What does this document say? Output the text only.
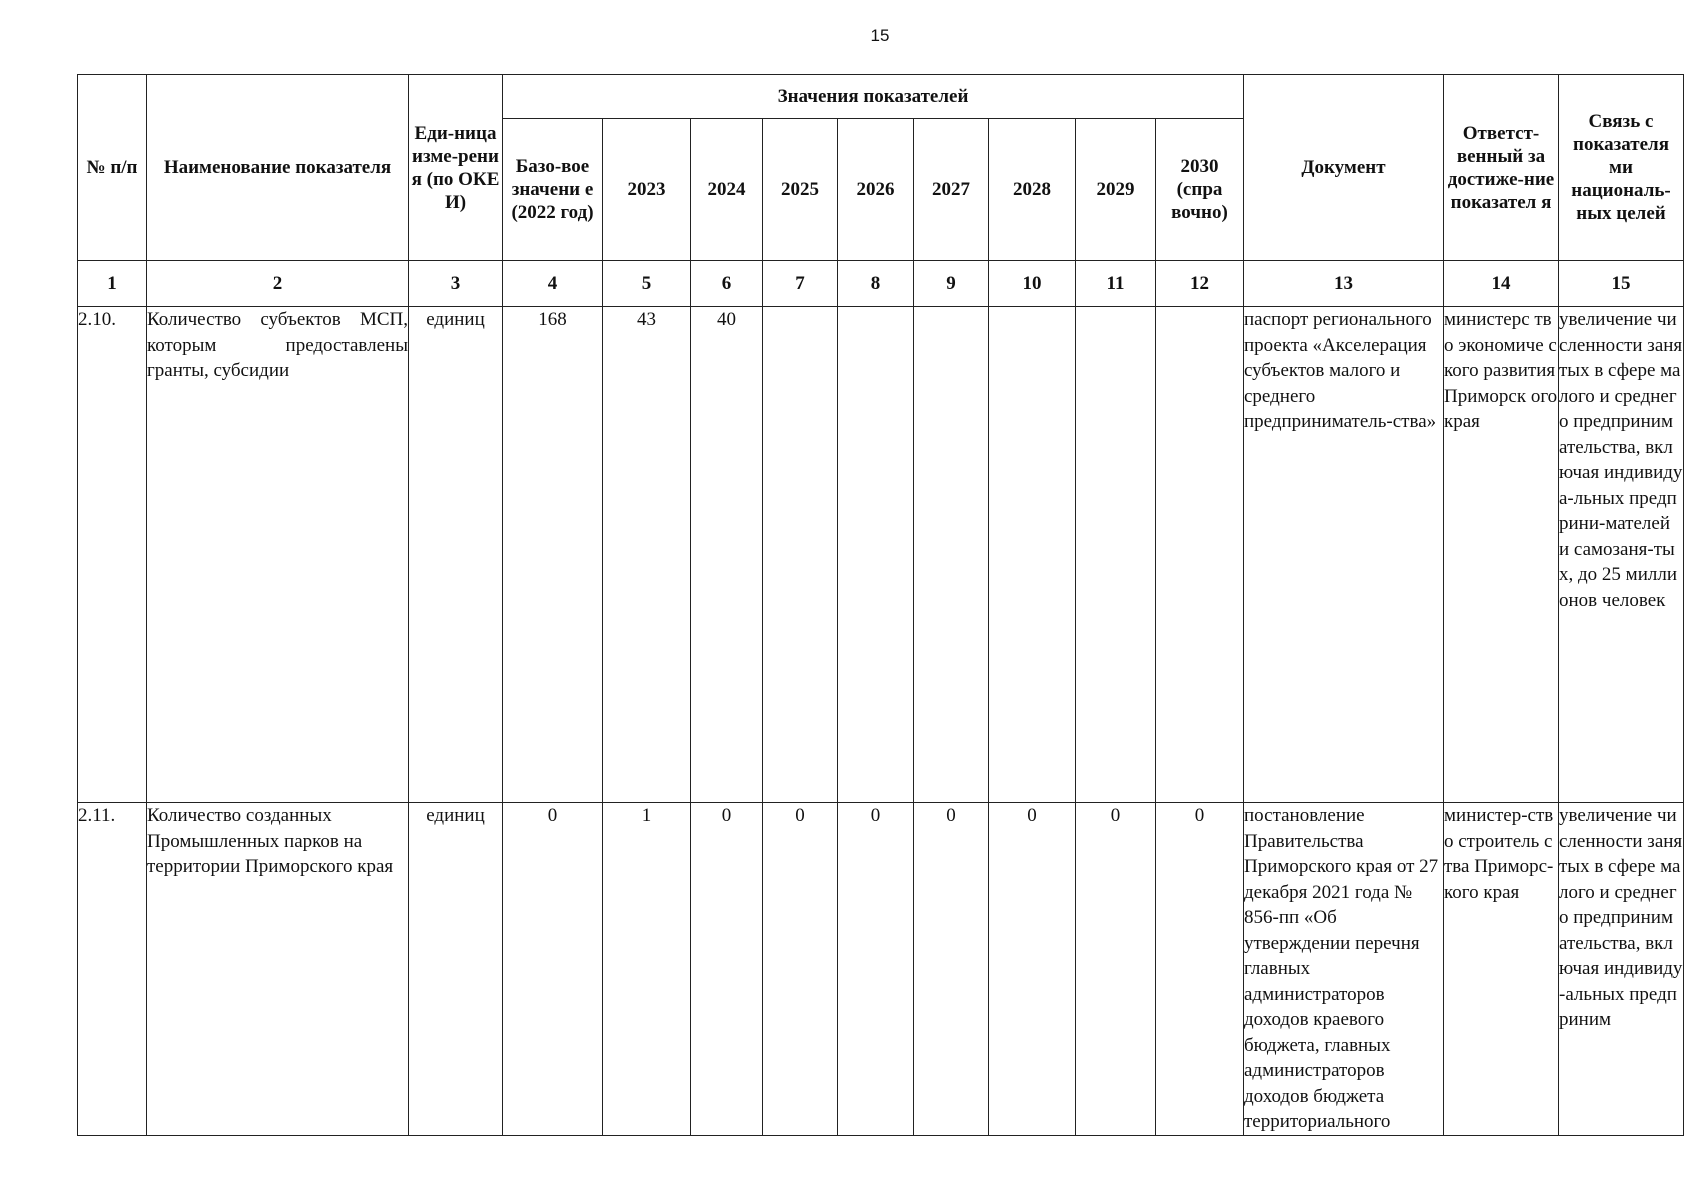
15
№ п/п	Наименование показателя	Еди-ница изме-рения (по ОКЕИ)	Значения показателей									Документ	Ответст-венный за достиже-ние показател я	Связь с показателя ми националь-ных целей
			Базо-вое значени е (2022 год)	2023	2024	2025	2026	2027	2028	2029	2030 (спра вочно)			
1	2	3	4	5	6	7	8	9	10	11	12	13	14	15
2.10.	Количество субъектов МСП, которым предоставлены гранты, субсидии	единиц	168	43	40							паспорт регионального проекта «Акселерация субъектов малого и среднего предприниматель-ства»	министерс тво экономиче ского развития Приморск ого края	увеличение численности занятых в сфере малого и среднего предприним ательства, включая индивидуа-льных предприни-мателей и самозаня-тых, до 25 миллионов человек
2.11.	Количество созданных Промышленных парков на территории Приморского края	единиц	0	1	0	0	0	0	0	0	0	постановление Правительства Приморского края от 27 декабря 2021 года № 856-пп «Об утверждении перечня главных администраторов доходов краевого бюджета, главных администраторов доходов бюджета территориального	министер-ство строитель ства Приморс-кого края	увеличение численности занятых в сфере малого и среднего предприним ательства, включая индивиду-альных предприним
